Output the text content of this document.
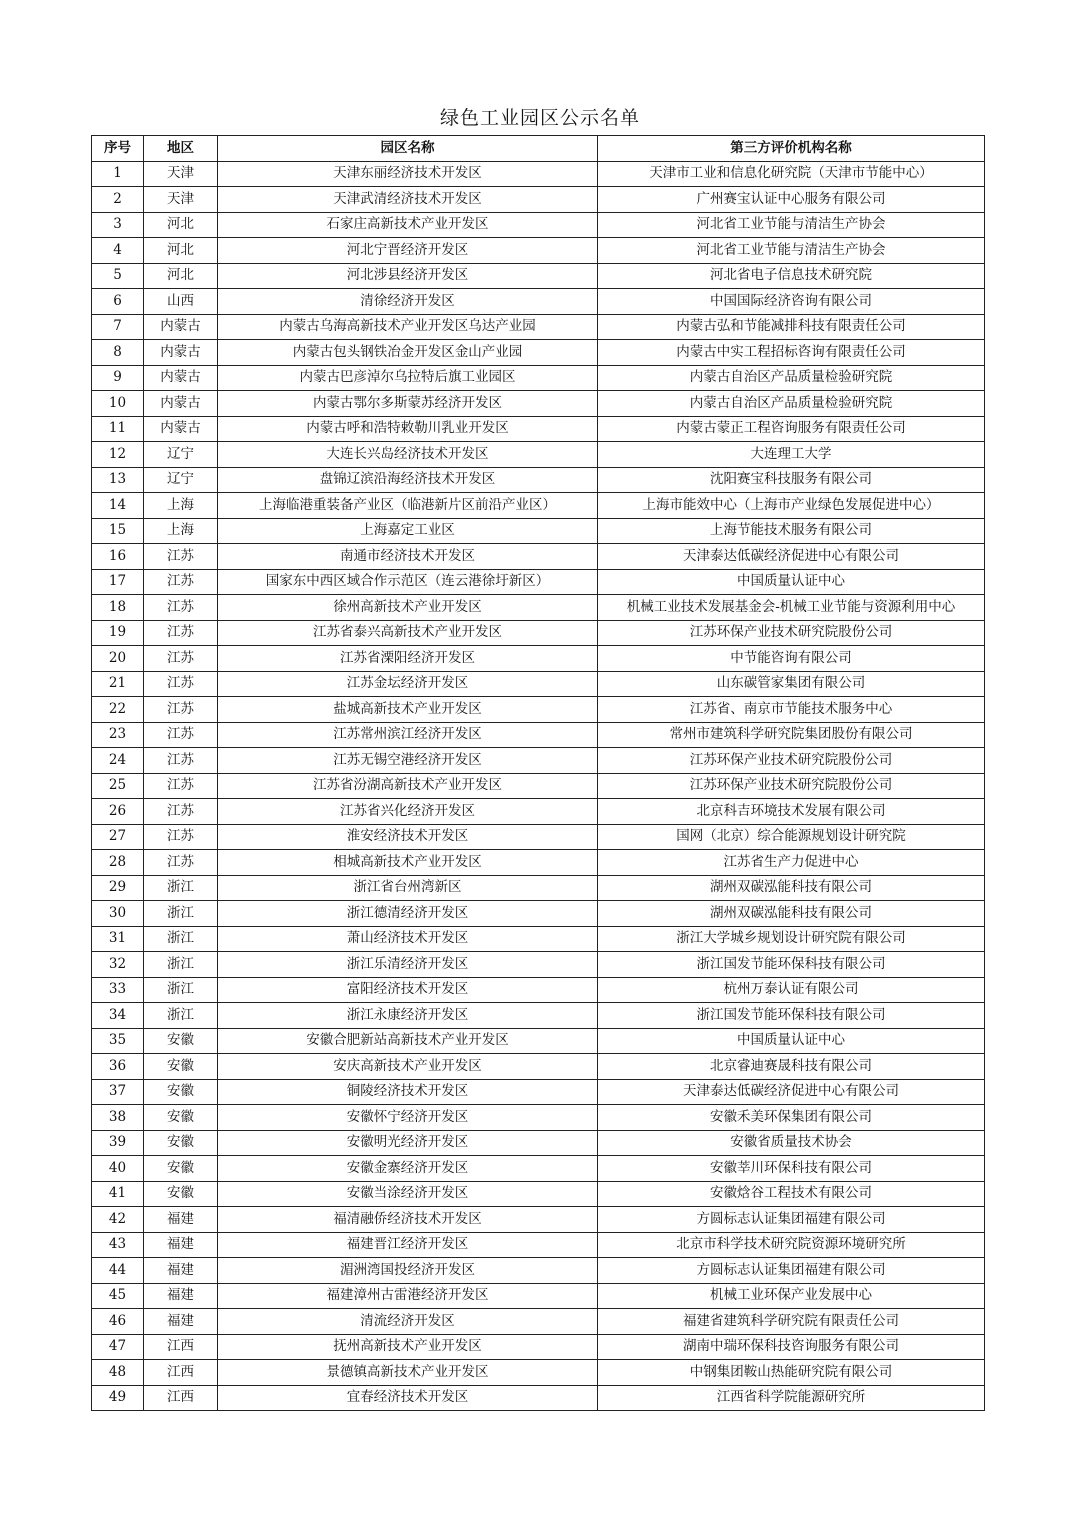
绿色工业园区公示名单
序号	地区	园区名称	第三方评价机构名称
1	天津	天津东丽经济技术开发区	天津市工业和信息化研究院（天津市节能中心）
2	天津	天津武清经济技术开发区	广州赛宝认证中心服务有限公司
3	河北	石家庄高新技术产业开发区	河北省工业节能与清洁生产协会
4	河北	河北宁晋经济开发区	河北省工业节能与清洁生产协会
5	河北	河北涉县经济开发区	河北省电子信息技术研究院
6	山西	清徐经济开发区	中国国际经济咨询有限公司
7	内蒙古	内蒙古乌海高新技术产业开发区乌达产业园	内蒙古弘和节能减排科技有限责任公司
8	内蒙古	内蒙古包头钢铁冶金开发区金山产业园	内蒙古中实工程招标咨询有限责任公司
9	内蒙古	内蒙古巴彦淖尔乌拉特后旗工业园区	内蒙古自治区产品质量检验研究院
10	内蒙古	内蒙古鄂尔多斯蒙苏经济开发区	内蒙古自治区产品质量检验研究院
11	内蒙古	内蒙古呼和浩特敕勒川乳业开发区	内蒙古蒙正工程咨询服务有限责任公司
12	辽宁	大连长兴岛经济技术开发区	大连理工大学
13	辽宁	盘锦辽滨沿海经济技术开发区	沈阳赛宝科技服务有限公司
14	上海	上海临港重装备产业区（临港新片区前沿产业区）	上海市能效中心（上海市产业绿色发展促进中心）
15	上海	上海嘉定工业区	上海节能技术服务有限公司
16	江苏	南通市经济技术开发区	天津泰达低碳经济促进中心有限公司
17	江苏	国家东中西区域合作示范区（连云港徐圩新区）	中国质量认证中心
18	江苏	徐州高新技术产业开发区	机械工业技术发展基金会-机械工业节能与资源利用中心
19	江苏	江苏省泰兴高新技术产业开发区	江苏环保产业技术研究院股份公司
20	江苏	江苏省溧阳经济开发区	中节能咨询有限公司
21	江苏	江苏金坛经济开发区	山东碳管家集团有限公司
22	江苏	盐城高新技术产业开发区	江苏省、南京市节能技术服务中心
23	江苏	江苏常州滨江经济开发区	常州市建筑科学研究院集团股份有限公司
24	江苏	江苏无锡空港经济开发区	江苏环保产业技术研究院股份公司
25	江苏	江苏省汾湖高新技术产业开发区	江苏环保产业技术研究院股份公司
26	江苏	江苏省兴化经济开发区	北京科吉环境技术发展有限公司
27	江苏	淮安经济技术开发区	国网（北京）综合能源规划设计研究院
28	江苏	相城高新技术产业开发区	江苏省生产力促进中心
29	浙江	浙江省台州湾新区	湖州双碳泓能科技有限公司
30	浙江	浙江德清经济开发区	湖州双碳泓能科技有限公司
31	浙江	萧山经济技术开发区	浙江大学城乡规划设计研究院有限公司
32	浙江	浙江乐清经济开发区	浙江国发节能环保科技有限公司
33	浙江	富阳经济技术开发区	杭州万泰认证有限公司
34	浙江	浙江永康经济开发区	浙江国发节能环保科技有限公司
35	安徽	安徽合肥新站高新技术产业开发区	中国质量认证中心
36	安徽	安庆高新技术产业开发区	北京睿迪赛晟科技有限公司
37	安徽	铜陵经济技术开发区	天津泰达低碳经济促进中心有限公司
38	安徽	安徽怀宁经济开发区	安徽禾美环保集团有限公司
39	安徽	安徽明光经济开发区	安徽省质量技术协会
40	安徽	安徽金寨经济开发区	安徽莘川环保科技有限公司
41	安徽	安徽当涂经济开发区	安徽焓谷工程技术有限公司
42	福建	福清融侨经济技术开发区	方圆标志认证集团福建有限公司
43	福建	福建晋江经济开发区	北京市科学技术研究院资源环境研究所
44	福建	湄洲湾国投经济开发区	方圆标志认证集团福建有限公司
45	福建	福建漳州古雷港经济开发区	机械工业环保产业发展中心
46	福建	清流经济开发区	福建省建筑科学研究院有限责任公司
47	江西	抚州高新技术产业开发区	湖南中瑞环保科技咨询服务有限公司
48	江西	景德镇高新技术产业开发区	中钢集团鞍山热能研究院有限公司
49	江西	宜春经济技术开发区	江西省科学院能源研究所
